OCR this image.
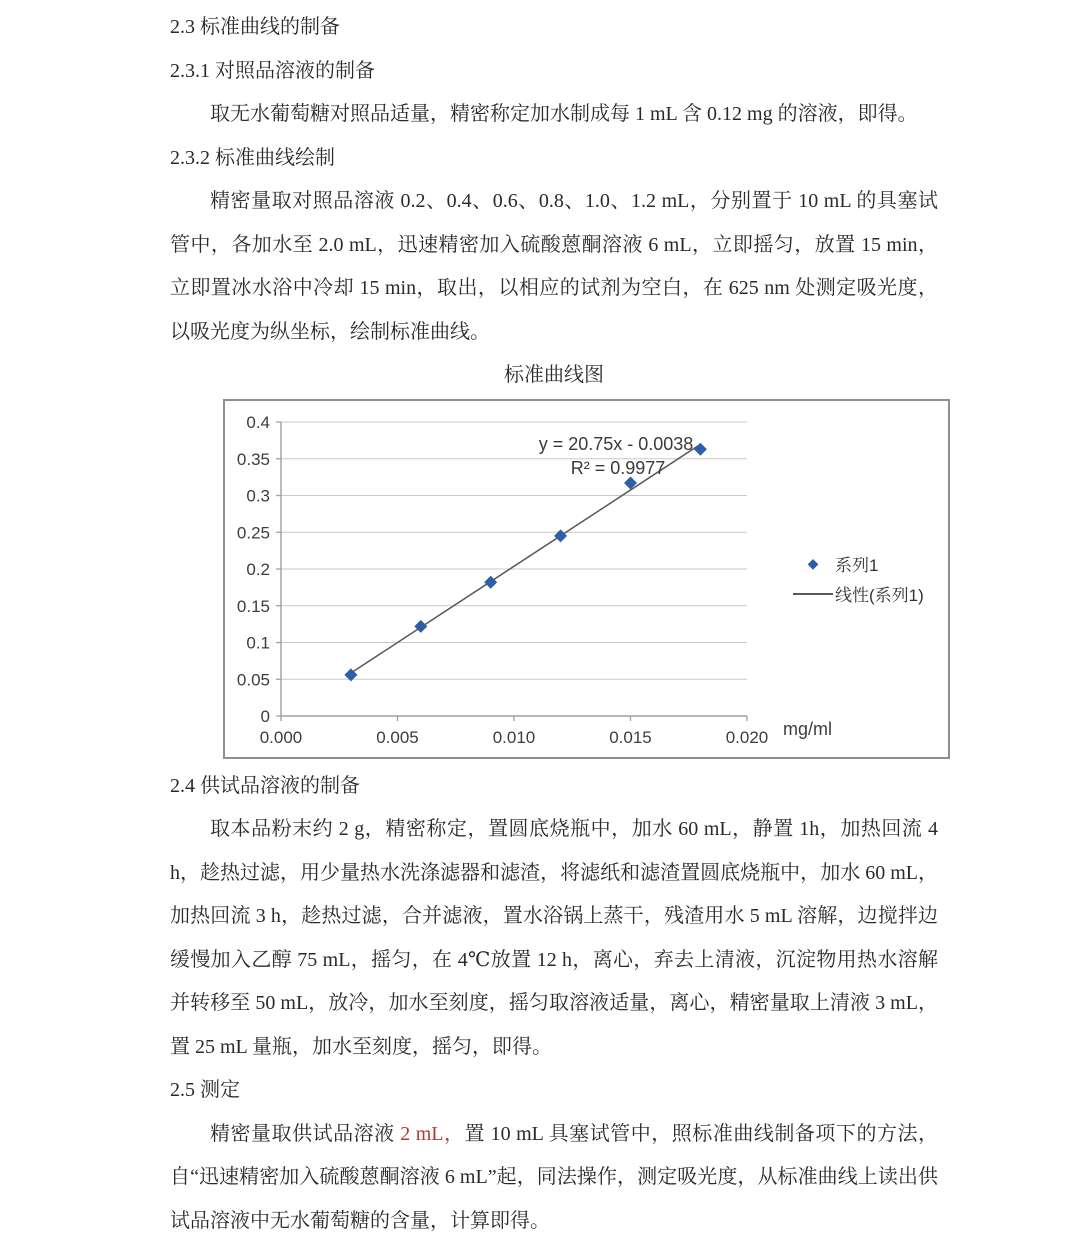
2.3 标准曲线的制备
2.3.1 对照品溶液的制备

取无水葡萄糖对照品适量，精密称定加水制成每 1 mL 含 0.12 mg 的溶液，即得。

2.3.2 标准曲线绘制

精密量取对照品溶液 0.2、0.4、0.6、0.8、1.0、1.2 mL，分别置于 10 mL 的具塞试管中，各加水至 2.0 mL，迅速精密加入硫酸蒽酮溶液 6 mL，立即摇匀，放置 15 min，立即置冰水浴中冷却 15 min，取出，以相应的试剂为空白，在 625 nm 处测定吸光度，以吸光度为纵坐标，绘制标准曲线。

标准曲线图

0
0.05
0.1
0.15
0.2
0.25
0.3
0.35
0.4
0.000	0.005	0.010	0.015	0.020
y = 20.75x - 0.0038
R² = 0.9977
mg/ml
◆ 系列1
线性(系列1)
2.4 供试品溶液的制备

取本品粉末约 2 g，精密称定，置圆底烧瓶中，加水 60 mL，静置 1h，加热回流 4 h，趁热过滤，用少量热水洗涤滤器和滤渣，将滤纸和滤渣置圆底烧瓶中，加水 60 mL，加热回流 3 h，趁热过滤，合并滤液，置水浴锅上蒸干，残渣用水 5 mL 溶解，边搅拌边缓慢加入乙醇 75 mL，摇匀，在 4℃放置 12 h，离心，弃去上清液，沉淀物用热水溶解并转移至 50 mL，放冷，加水至刻度，摇匀取溶液适量，离心，精密量取上清液 3 mL，置 25 mL 量瓶，加水至刻度，摇匀，即得。

2.5 测定

精密量取供试品溶液 2 mL，置 10 mL 具塞试管中，照标准曲线制备项下的方法，自“迅速精密加入硫酸蒽酮溶液 6 mL”起，同法操作，测定吸光度，从标准曲线上读出供试品溶液中无水葡萄糖的含量，计算即得。
